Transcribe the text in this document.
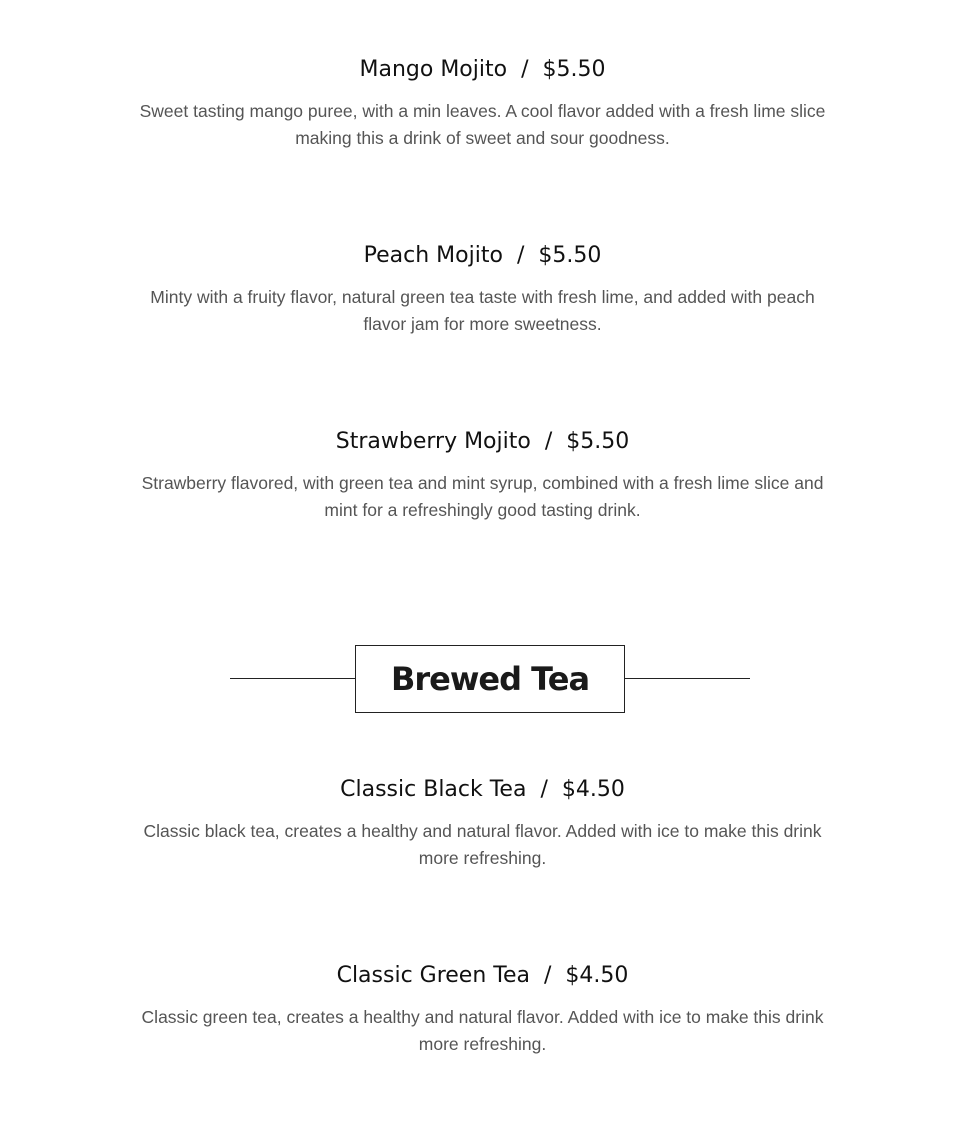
Mango Mojito / $5.50
Sweet tasting mango puree, with a min leaves. A cool flavor added with a fresh lime slice making this a drink of sweet and sour goodness.
Peach Mojito / $5.50
Minty with a fruity flavor, natural green tea taste with fresh lime, and added with peach flavor jam for more sweetness.
Strawberry Mojito / $5.50
Strawberry flavored, with green tea and mint syrup, combined with a fresh lime slice and mint for a refreshingly good tasting drink.
Brewed Tea
Classic Black Tea / $4.50
Classic black tea, creates a healthy and natural flavor. Added with ice to make this drink more refreshing.
Classic Green Tea / $4.50
Classic green tea, creates a healthy and natural flavor. Added with ice to make this drink more refreshing.
